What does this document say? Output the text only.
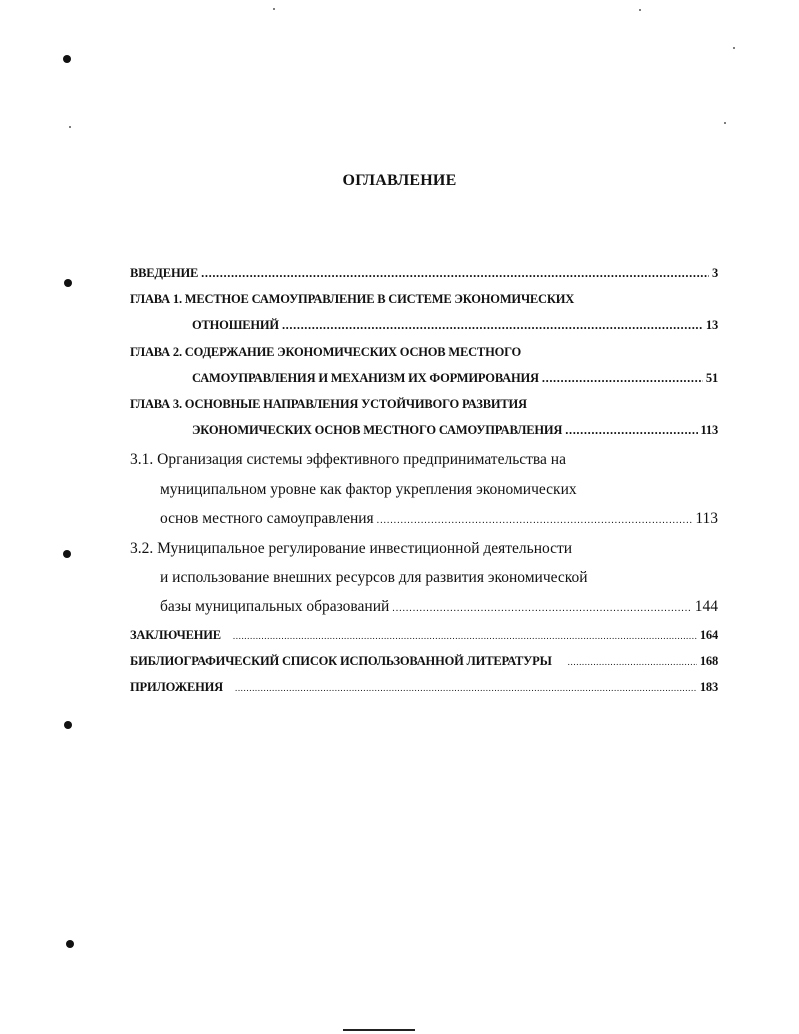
ОГЛАВЛЕНИЕ
ВВЕДЕНИЕ .....	3
ГЛАВА 1. МЕСТНОЕ САМОУПРАВЛЕНИЕ В СИСТЕМЕ ЭКОНОМИЧЕСКИХ
ОТНОШЕНИЙ .....	13
ГЛАВА 2. СОДЕРЖАНИЕ ЭКОНОМИЧЕСКИХ ОСНОВ МЕСТНОГО
САМОУПРАВЛЕНИЯ И МЕХАНИЗМ ИХ ФОРМИРОВАНИЯ .....	51
ГЛАВА 3. ОСНОВНЫЕ НАПРАВЛЕНИЯ УСТОЙЧИВОГО РАЗВИТИЯ
ЭКОНОМИЧЕСКИХ ОСНОВ МЕСТНОГО САМОУПРАВЛЕНИЯ .....	113
3.1. Организация системы эффективного предпринимательства на
муниципальном уровне как фактор укрепления экономических
основ местного самоуправления .....	113
3.2. Муниципальное регулирование инвестиционной деятельности
и использование внешних ресурсов для развития экономической
базы муниципальных образований .....	144
ЗАКЛЮЧЕНИЕ .....	164
БИБЛИОГРАФИЧЕСКИЙ СПИСОК ИСПОЛЬЗОВАННОЙ ЛИТЕРАТУРЫ .....	168
ПРИЛОЖЕНИЯ .....	183
